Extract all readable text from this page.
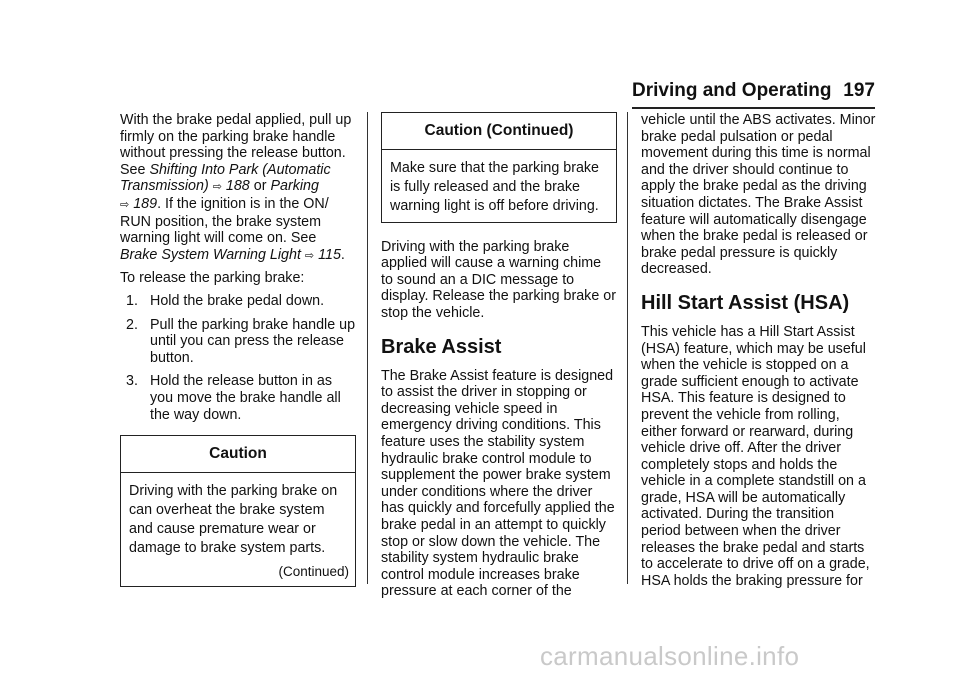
Driving and Operating 197

With the brake pedal applied, pull up firmly on the parking brake handle without pressing the release button.
See Shifting Into Park (Automatic Transmission) ⇨ 188 or Parking
⇨ 189. If the ignition is in the ON/ RUN position, the brake system warning light will come on. See
Brake System Warning Light ⇨ 115.

To release the parking brake:

1. Hold the brake pedal down.
2. Pull the parking brake handle up until you can press the release button.
3. Hold the release button in as you move the brake handle all the way down.
Caution
Driving with the parking brake on can overheat the brake system and cause premature wear or damage to brake system parts.
(Continued)
Caution (Continued)
Make sure that the parking brake is fully released and the brake warning light is off before driving.

Driving with the parking brake applied will cause a warning chime to sound an a DIC message to display. Release the parking brake or stop the vehicle.

Brake Assist

The Brake Assist feature is designed to assist the driver in stopping or decreasing vehicle speed in emergency driving conditions. This feature uses the stability system hydraulic brake control module to supplement the power brake system under conditions where the driver has quickly and forcefully applied the brake pedal in an attempt to quickly stop or slow down the vehicle. The stability system hydraulic brake control module increases brake pressure at each corner of the

vehicle until the ABS activates. Minor brake pedal pulsation or pedal movement during this time is normal and the driver should continue to apply the brake pedal as the driving situation dictates. The Brake Assist feature will automatically disengage when the brake pedal is released or brake pedal pressure is quickly decreased.

Hill Start Assist (HSA)

This vehicle has a Hill Start Assist (HSA) feature, which may be useful when the vehicle is stopped on a grade sufficient enough to activate HSA. This feature is designed to prevent the vehicle from rolling, either forward or rearward, during vehicle drive off. After the driver completely stops and holds the vehicle in a complete standstill on a grade, HSA will be automatically activated. During the transition period between when the driver releases the brake pedal and starts to accelerate to drive off on a grade, HSA holds the braking pressure for

carmanualsonline.info
